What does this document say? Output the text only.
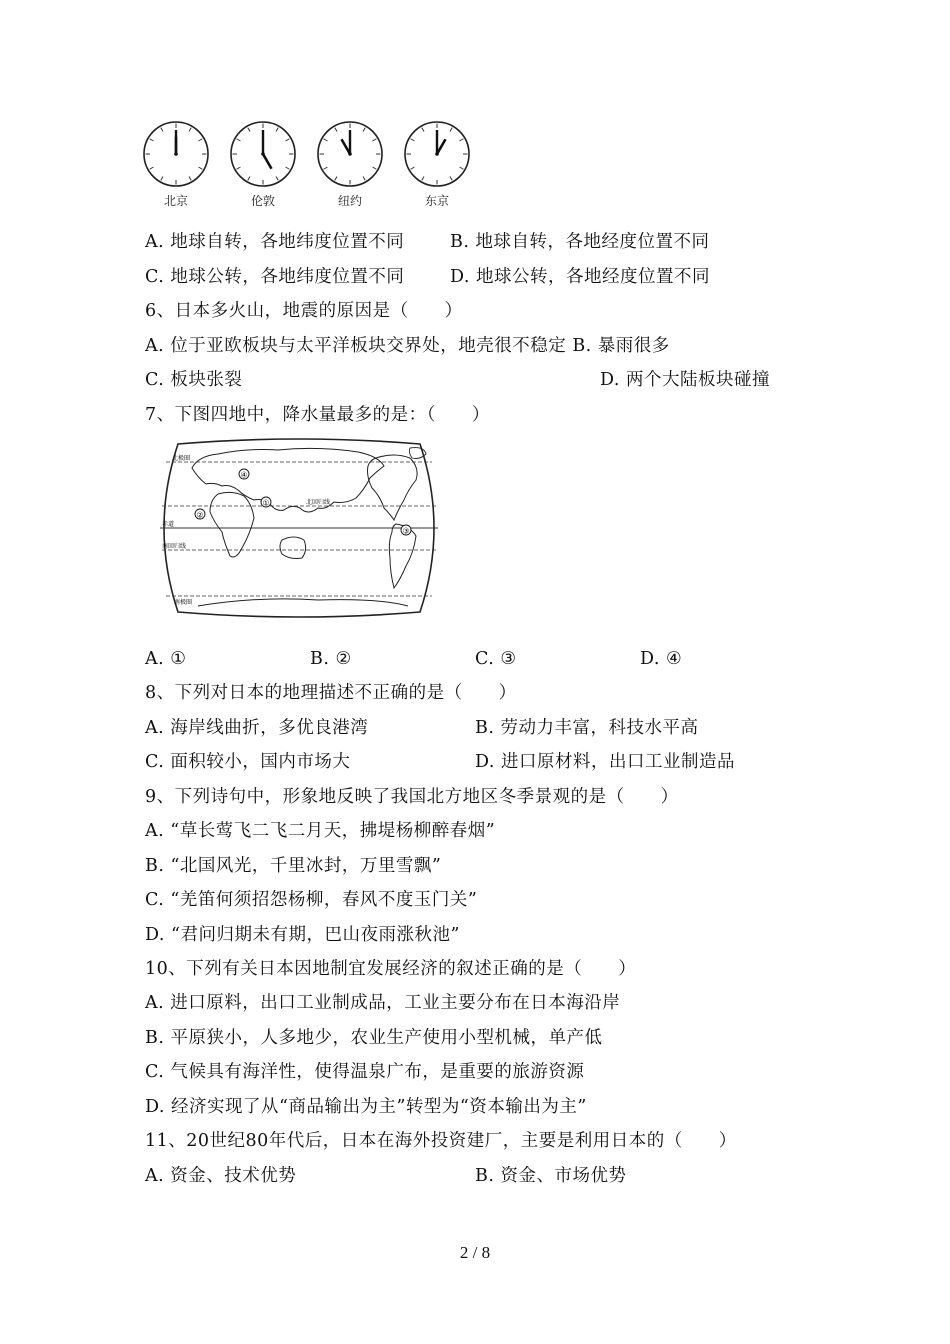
北京	伦敦	纽约	东京
A. 地球自转，各地纬度位置不同	B. 地球自转，各地经度位置不同
C. 地球公转，各地纬度位置不同	D. 地球公转，各地经度位置不同
6、日本多火山，地震的原因是（　　）
A. 位于亚欧板块与太平洋板块交界处，地壳很不稳定 B. 暴雨很多
C. 板块张裂	D. 两个大陆板块碰撞
7、下图四地中，降水量最多的是：（　　）
①
②
③
④
北极圈
北回归线
赤道
南回归线
南极圈
A. ①	B. ②	C. ③	D. ④
8、下列对日本的地理描述不正确的是（　　）
A. 海岸线曲折，多优良港湾	B. 劳动力丰富，科技水平高
C. 面积较小，国内市场大	D. 进口原材料，出口工业制造品
9、下列诗句中，形象地反映了我国北方地区冬季景观的是（　　）
A. “草长莺飞二飞二月天，拂堤杨柳醉春烟”
B. “北国风光，千里冰封，万里雪飘”
C. “羌笛何须招怨杨柳，春风不度玉门关”
D. “君问归期未有期，巴山夜雨涨秋池”
10、下列有关日本因地制宜发展经济的叙述正确的是（　　）
A. 进口原料，出口工业制成品，工业主要分布在日本海沿岸
B. 平原狭小，人多地少，农业生产使用小型机械，单产低
C. 气候具有海洋性，使得温泉广布，是重要的旅游资源
D. 经济实现了从“商品输出为主”转型为“资本输出为主”
11、20世纪80年代后，日本在海外投资建厂，主要是利用日本的（　　）
A. 资金、技术优势	B. 资金、市场优势
2 / 8
